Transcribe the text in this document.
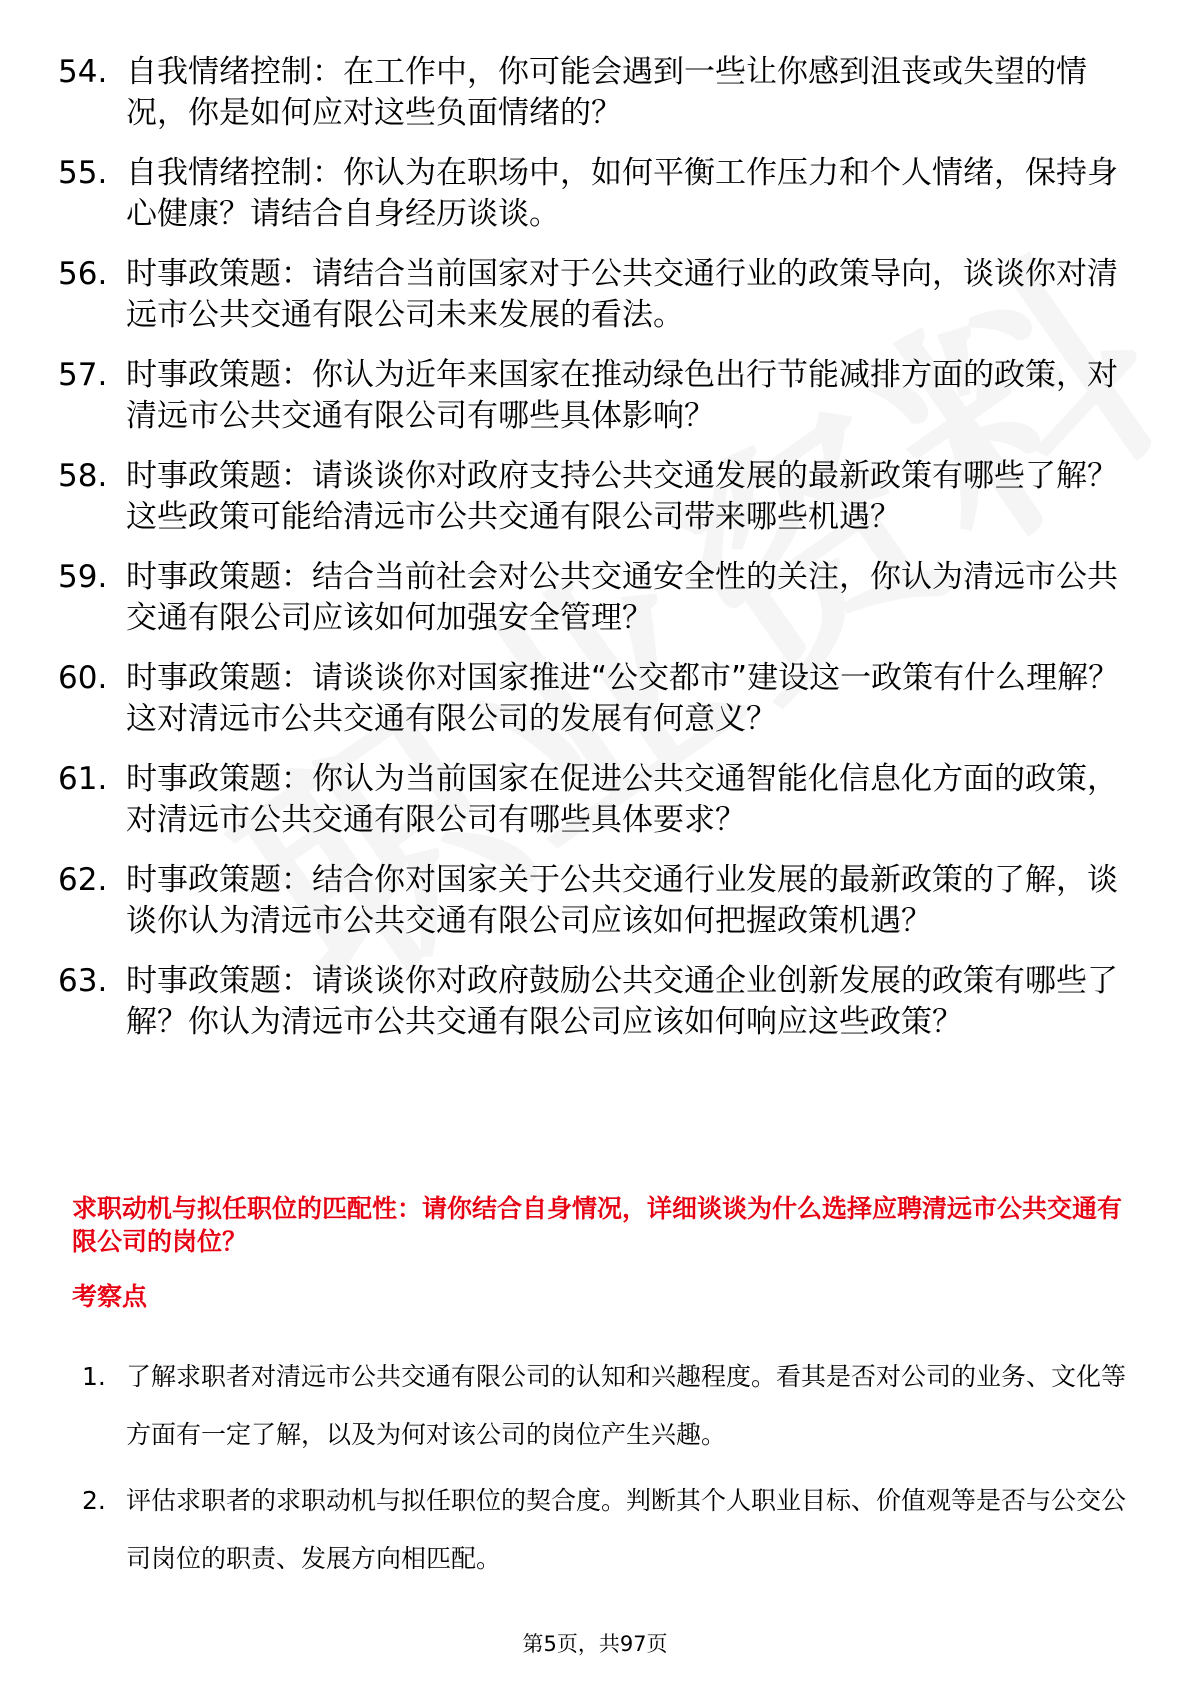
54. 自我情绪控制：在工作中，你可能会遇到一些让你感到沮丧或失望的情况，你是如何应对这些负面情绪的？
55. 自我情绪控制：你认为在职场中，如何平衡工作压力和个人情绪，保持身心健康？请结合自身经历谈谈。
56. 时事政策题：请结合当前国家对于公共交通行业的政策导向，谈谈你对清远市公共交通有限公司未来发展的看法。
57. 时事政策题：你认为近年来国家在推动绿色出行节能减排方面的政策，对清远市公共交通有限公司有哪些具体影响？
58. 时事政策题：请谈谈你对政府支持公共交通发展的最新政策有哪些了解？这些政策可能给清远市公共交通有限公司带来哪些机遇？
59. 时事政策题：结合当前社会对公共交通安全性的关注，你认为清远市公共交通有限公司应该如何加强安全管理？
60. 时事政策题：请谈谈你对国家推进“公交都市”建设这一政策有什么理解？这对清远市公共交通有限公司的发展有何意义？
61. 时事政策题：你认为当前国家在促进公共交通智能化信息化方面的政策，对清远市公共交通有限公司有哪些具体要求？
62. 时事政策题：结合你对国家关于公共交通行业发展的最新政策的了解，谈谈你认为清远市公共交通有限公司应该如何把握政策机遇？
63. 时事政策题：请谈谈你对政府鼓励公共交通企业创新发展的政策有哪些了解？你认为清远市公共交通有限公司应该如何响应这些政策？
求职动机与拟任职位的匹配性：请你结合自身情况，详细谈谈为什么选择应聘清远市公共交通有限公司的岗位？
考察点
1. 了解求职者对清远市公共交通有限公司的认知和兴趣程度。看其是否对公司的业务、文化等方面有一定了解，以及为何对该公司的岗位产生兴趣。
2. 评估求职者的求职动机与拟任职位的契合度。判断其个人职业目标、价值观等是否与公交公司岗位的职责、发展方向相匹配。
第5页，共97页
